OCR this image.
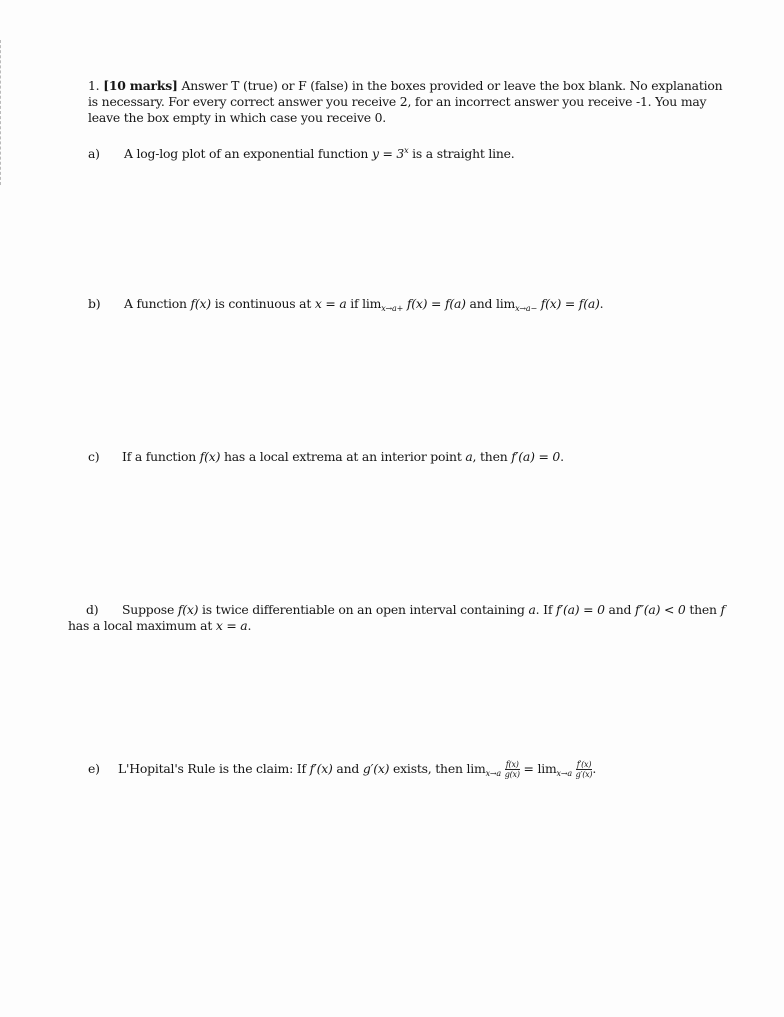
1. [10 marks] Answer T (true) or F (false) in the boxes provided or leave the box blank. No explanation is necessary. For every correct answer you receive 2, for an incorrect answer you receive -1. You may leave the box empty in which case you receive 0.
a) A log-log plot of an exponential function $y = 3^x$ is a straight line.
b) A function f(x) is continuous at x = a if $\lim_{x\to a+} f(x) = f(a)$ and $\lim_{x\to a-} f(x) = f(a)$.
c) If a function f(x) has a local extrema at an interior point a, then f′(a) = 0.
d) Suppose f(x) is twice differentiable on an open interval containing a. If f′(a) = 0 and f″(a) < 0 then f has a local maximum at x = a.
e) L'Hopital's Rule is the claim: If f′(x) and g′(x) exists, then $\lim_{x\to a} \frac{f(x)}{g(x)} = \lim_{x\to a} \frac{f'(x)}{g'(x)}$ .
